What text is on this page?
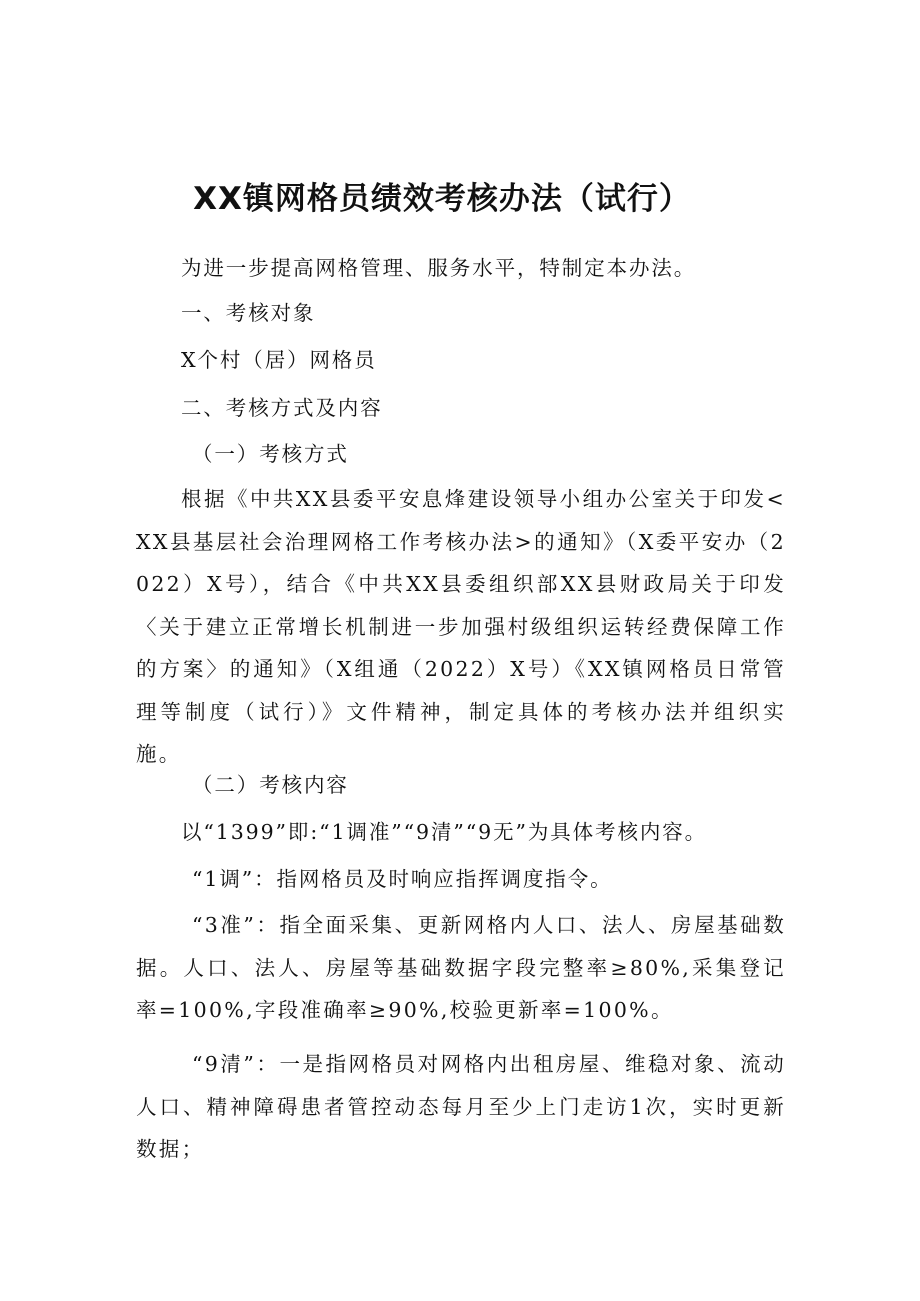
XX镇网格员绩效考核办法（试行）

为进一步提高网格管理、服务水平，特制定本办法。

一、考核对象

X个村（居）网格员

二、考核方式及内容

（一）考核方式

根据《中共XX县委平安息烽建设领导小组办公室关于印发<XX县基层社会治理网格工作考核办法>的通知》（X委平安办（2022）X号），结合《中共XX县委组织部XX县财政局关于印发〈关于建立正常增长机制进一步加强村级组织运转经费保障工作的方案〉的通知》（X组通（2022）X号）《XX镇网格员日常管理等制度（试行）》文件精神，制定具体的考核办法并组织实施。

（二）考核内容

以“1399”即:“1调准”“9清”“9无”为具体考核内容。

“1调”：指网格员及时响应指挥调度指令。

“3准”：指全面采集、更新网格内人口、法人、房屋基础数据。人口、法人、房屋等基础数据字段完整率≥80%,采集登记率=100%,字段准确率≥90%,校验更新率=100%。

“9清”：一是指网格员对网格内出租房屋、维稳对象、流动人口、精神障碍患者管控动态每月至少上门走访1次，实时更新数据；
